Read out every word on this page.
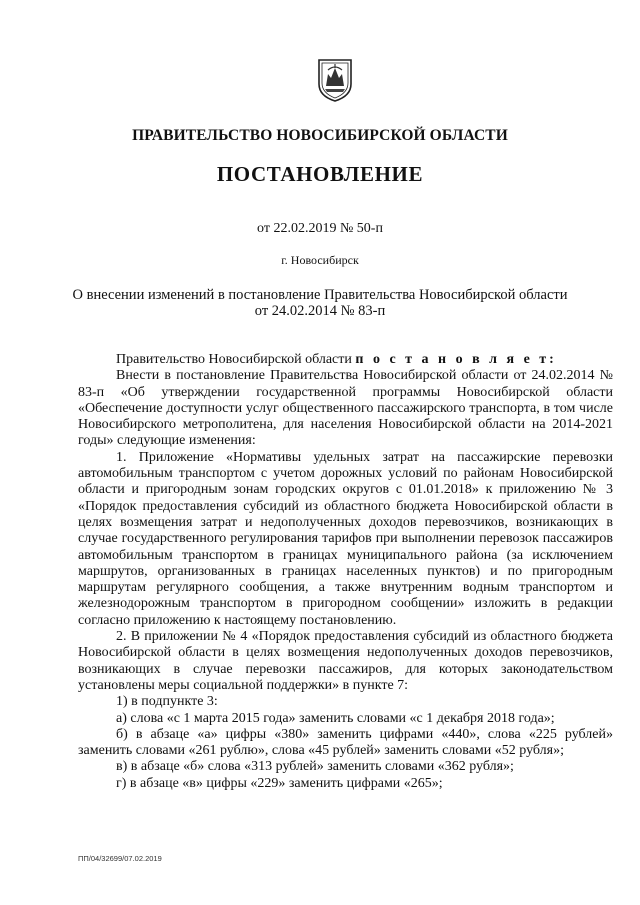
ПРАВИТЕЛЬСТВО НОВОСИБИРСКОЙ ОБЛАСТИ
ПОСТАНОВЛЕНИЕ
от 22.02.2019 № 50-п
г. Новосибирск
О внесении изменений в постановление Правительства Новосибирской области
от 24.02.2014 № 83-п

Правительство Новосибирской области п о с т а н о в л я е т:

Внести в постановление Правительства Новосибирской области от 24.02.2014 № 83-п «Об утверждении государственной программы Новосибирской области «Обеспечение доступности услуг общественного пассажирского транспорта, в том числе Новосибирского метрополитена, для населения Новосибирской области на 2014-2021 годы» следующие изменения:

1. Приложение «Нормативы удельных затрат на пассажирские перевозки автомобильным транспортом с учетом дорожных условий по районам Новосибирской области и пригородным зонам городских округов с 01.01.2018» к приложению № 3 «Порядок предоставления субсидий из областного бюджета Новосибирской области в целях возмещения затрат и недополученных доходов перевозчиков, возникающих в случае государственного регулирования тарифов при выполнении перевозок пассажиров автомобильным транспортом в границах муниципального района (за исключением маршрутов, организованных в границах населенных пунктов) и по пригородным маршрутам регулярного сообщения, а также внутренним водным транспортом и железнодорожным транспортом в пригородном сообщении» изложить в редакции согласно приложению к настоящему постановлению.

2. В приложении № 4 «Порядок предоставления субсидий из областного бюджета Новосибирской области в целях возмещения недополученных доходов перевозчиков, возникающих в случае перевозки пассажиров, для которых законодательством установлены меры социальной поддержки» в пункте 7:

1) в подпункте 3:

а) слова «с 1 марта 2015 года» заменить словами «с 1 декабря 2018 года»;

б) в абзаце «а» цифры «380» заменить цифрами «440», слова «225 рублей» заменить словами «261 рублю», слова «45 рублей» заменить словами «52 рубля»;

в) в абзаце «б» слова «313 рублей» заменить словами «362 рубля»;

г) в абзаце «в» цифры «229» заменить цифрами «265»;

ПП/04/32699/07.02.2019
